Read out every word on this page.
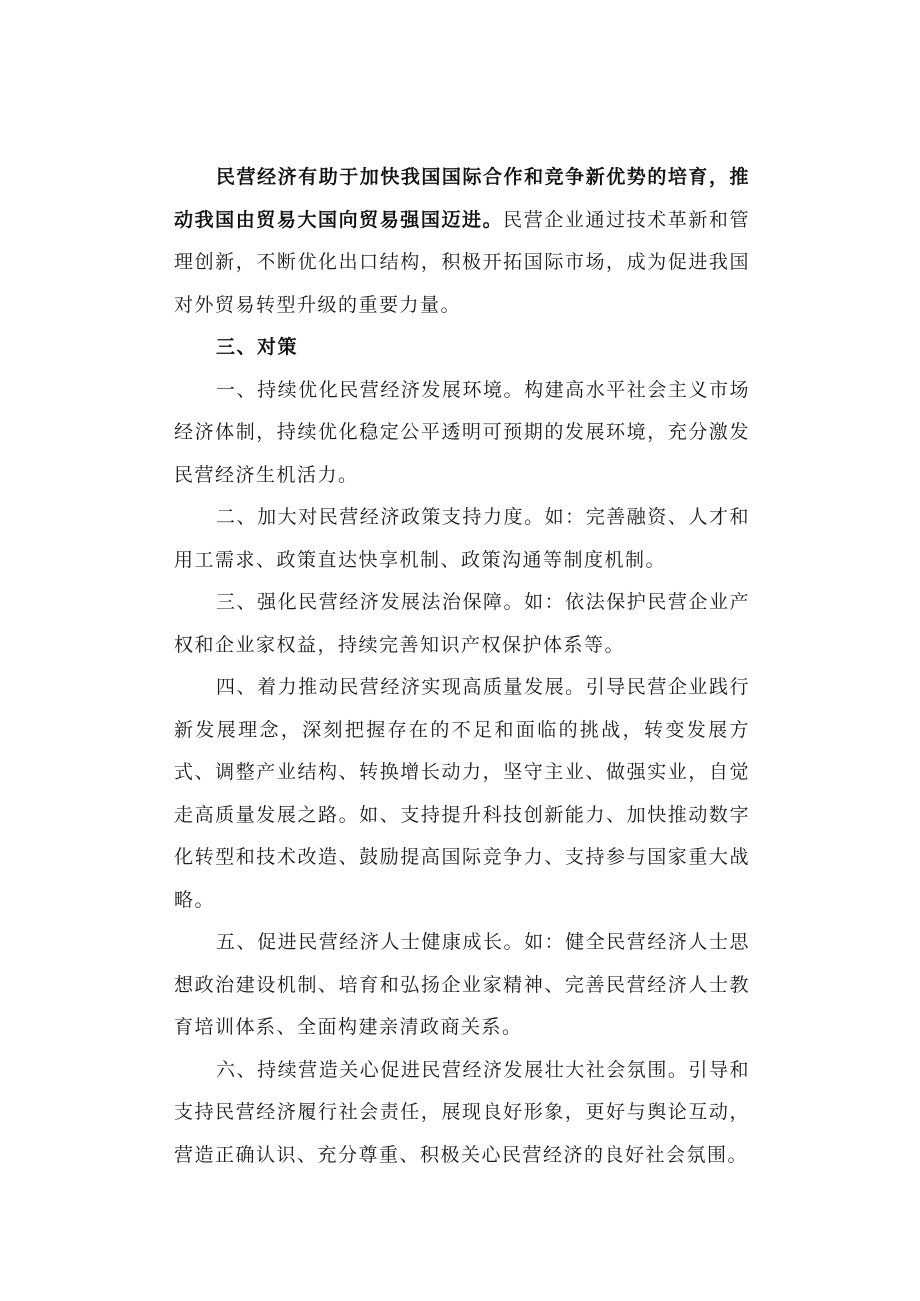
民营经济有助于加快我国国际合作和竞争新优势的培育，推动我国由贸易大国向贸易强国迈进。民营企业通过技术革新和管理创新，不断优化出口结构，积极开拓国际市场，成为促进我国对外贸易转型升级的重要力量。

三、对策

一、持续优化民营经济发展环境。构建高水平社会主义市场经济体制，持续优化稳定公平透明可预期的发展环境，充分激发民营经济生机活力。

二、加大对民营经济政策支持力度。如：完善融资、人才和用工需求、政策直达快享机制、政策沟通等制度机制。

三、强化民营经济发展法治保障。如：依法保护民营企业产权和企业家权益，持续完善知识产权保护体系等。

四、着力推动民营经济实现高质量发展。引导民营企业践行新发展理念，深刻把握存在的不足和面临的挑战，转变发展方式、调整产业结构、转换增长动力，坚守主业、做强实业，自觉走高质量发展之路。如、支持提升科技创新能力、加快推动数字化转型和技术改造、鼓励提高国际竞争力、支持参与国家重大战略。

五、促进民营经济人士健康成长。如：健全民营经济人士思想政治建设机制、培育和弘扬企业家精神、完善民营经济人士教育培训体系、全面构建亲清政商关系。

六、持续营造关心促进民营经济发展壮大社会氛围。引导和支持民营经济履行社会责任，展现良好形象，更好与舆论互动，营造正确认识、充分尊重、积极关心民营经济的良好社会氛围。
